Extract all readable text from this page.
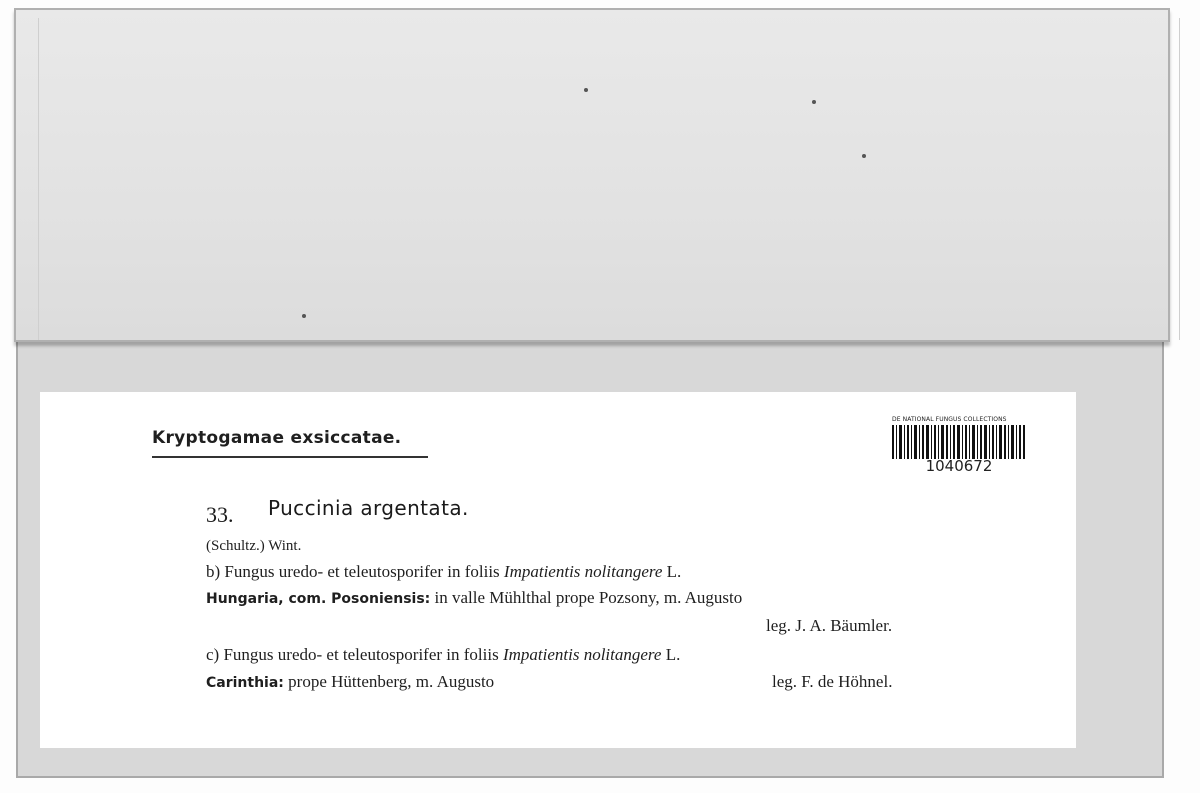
Kryptogamae exsiccatae.
DE NATIONAL FUNGUS COLLECTIONS
1040672
33. Puccinia argentata.
(Schultz.) Wint.
b) Fungus uredo- et teleutosporifer in foliis Impatientis nolitangere L.
Hungaria, com. Posoniensis: in valle Mühlthal prope Pozsony, m. Augusto
leg. J. A. Bäumler.
c) Fungus uredo- et teleutosporifer in foliis Impatientis nolitangere L.
Carinthia: prope Hüttenberg, m. Augusto	leg. F. de Höhnel.
